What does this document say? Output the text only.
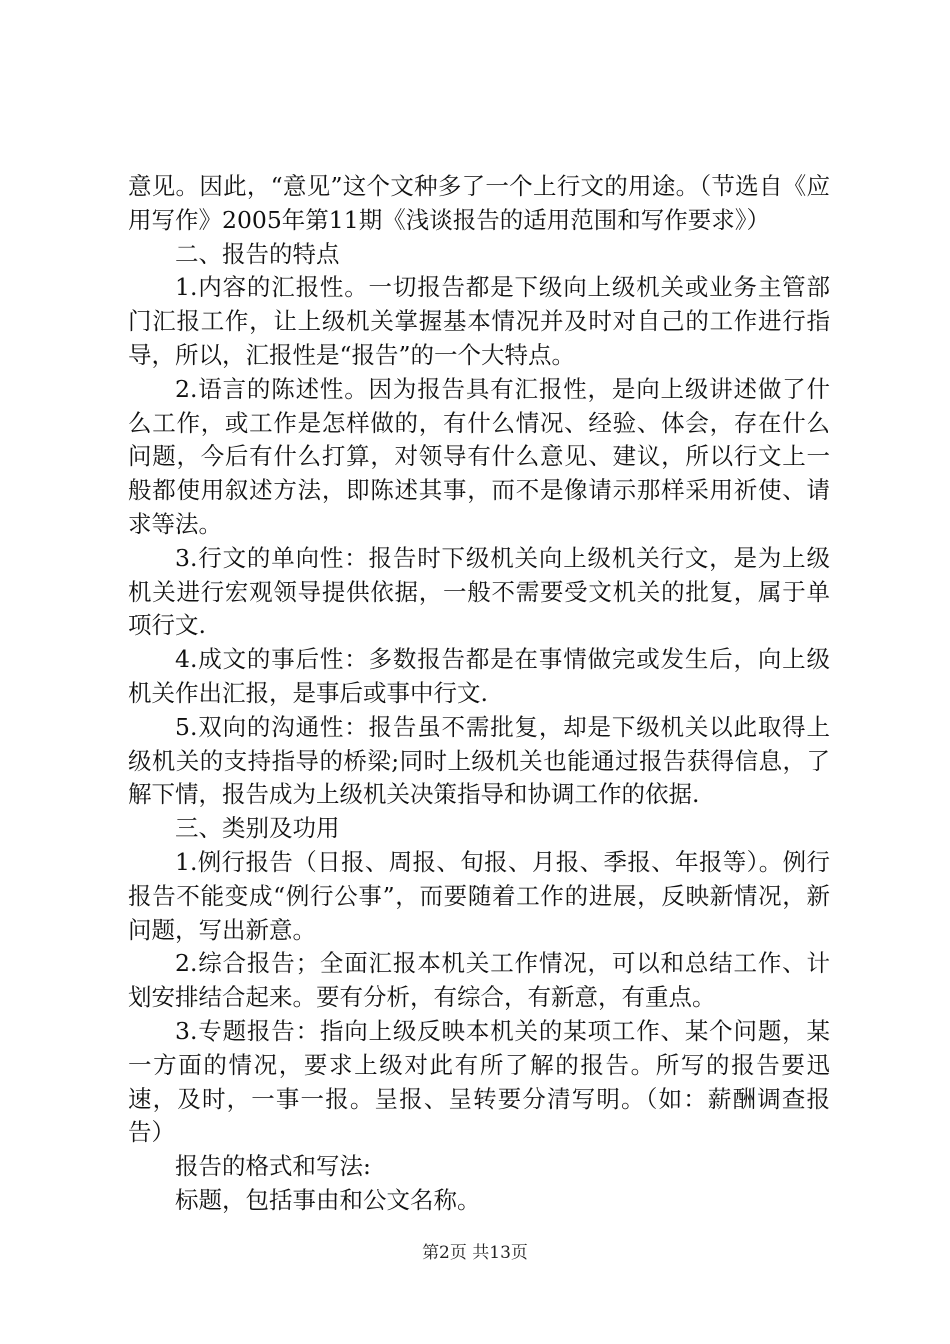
意见。因此，“意见”这个文种多了一个上行文的用途。（节选自《应用写作》2005年第11期《浅谈报告的适用范围和写作要求》）

二、报告的特点

1.内容的汇报性。一切报告都是下级向上级机关或业务主管部门汇报工作，让上级机关掌握基本情况并及时对自己的工作进行指导，所以，汇报性是“报告”的一个大特点。

2.语言的陈述性。因为报告具有汇报性，是向上级讲述做了什么工作，或工作是怎样做的，有什么情况、经验、体会，存在什么问题，今后有什么打算，对领导有什么意见、建议，所以行文上一般都使用叙述方法，即陈述其事，而不是像请示那样采用祈使、请求等法。

3.行文的单向性：报告时下级机关向上级机关行文，是为上级机关进行宏观领导提供依据，一般不需要受文机关的批复，属于单项行文.

4.成文的事后性：多数报告都是在事情做完或发生后，向上级机关作出汇报，是事后或事中行文.

5.双向的沟通性：报告虽不需批复，却是下级机关以此取得上级机关的支持指导的桥梁;同时上级机关也能通过报告获得信息，了解下情，报告成为上级机关决策指导和协调工作的依据.

三、类别及功用

1.例行报告（日报、周报、旬报、月报、季报、年报等）。例行报告不能变成“例行公事”，而要随着工作的进展，反映新情况，新问题，写出新意。

2.综合报告；全面汇报本机关工作情况，可以和总结工作、计划安排结合起来。要有分析，有综合，有新意，有重点。

3.专题报告：指向上级反映本机关的某项工作、某个问题，某一方面的情况，要求上级对此有所了解的报告。所写的报告要迅速，及时，一事一报。呈报、呈转要分清写明。（如：薪酬调查报告）

报告的格式和写法:

标题，包括事由和公文名称。

第2页 共13页
